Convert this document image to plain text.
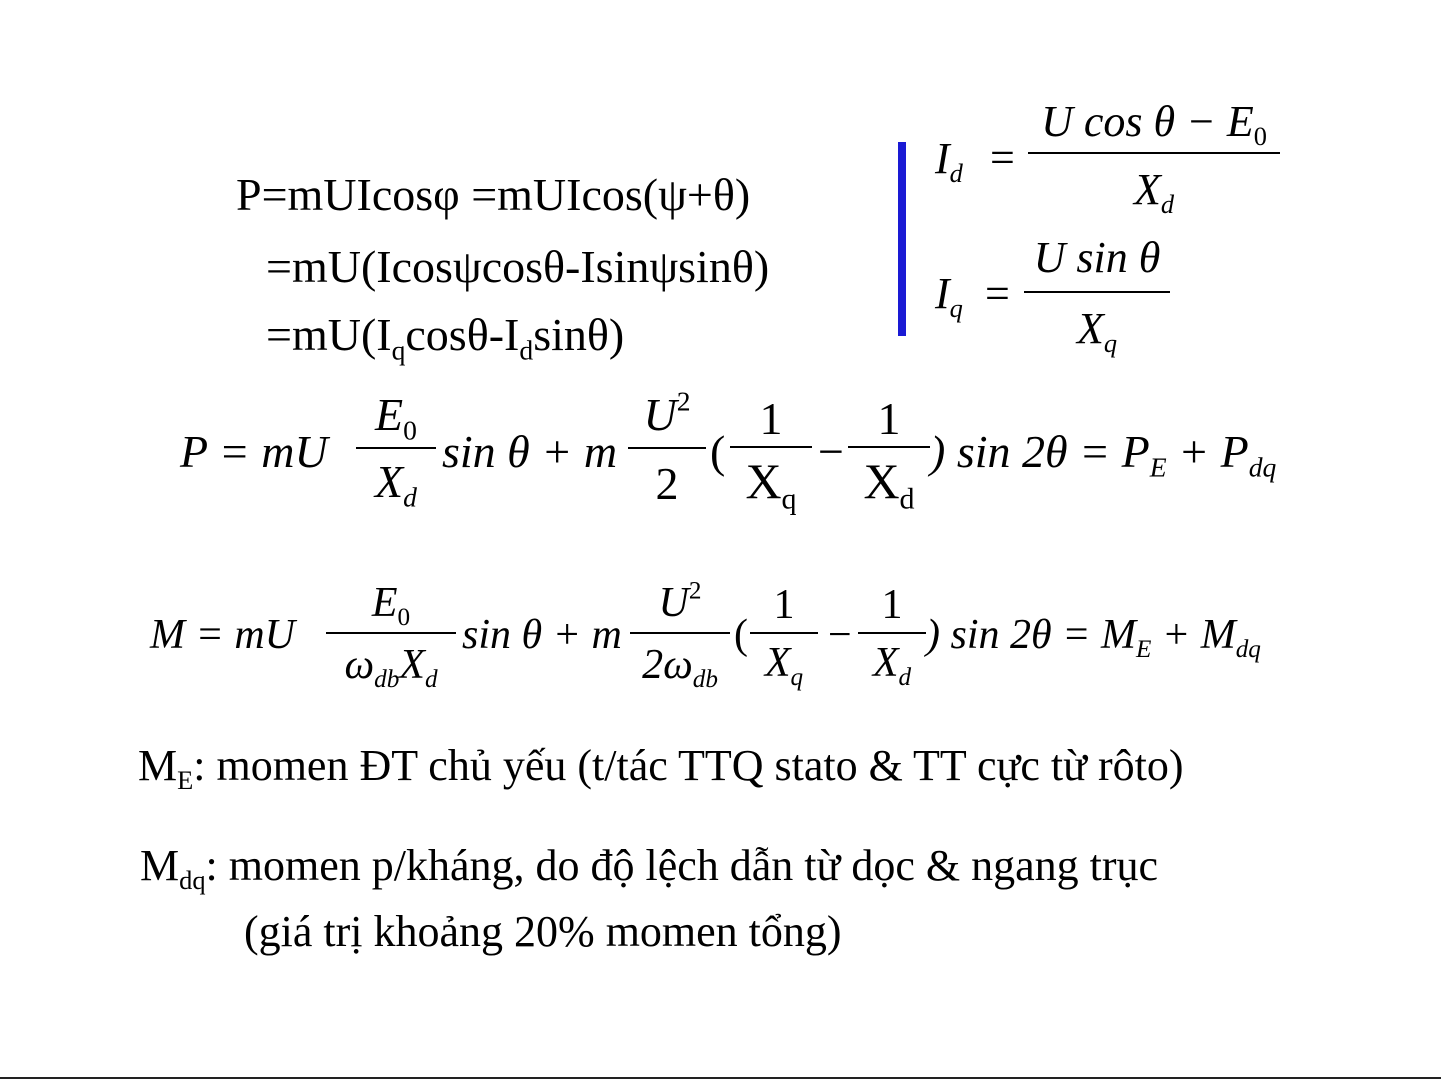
P=mUIcosφ =mUIcos(ψ+θ)
=mU(Icosψcosθ-Isinψsinθ)
$=mU(I_q\cos\theta-I_d\sin\theta)$
$I_d$ =
U $\cos \theta - E_0$
$X_d$
$I_q$ =
U sin θ
$X_q$
P = mU
$E_0$
$X_d$
sin θ + m
$U^2$
2
(
1
$X_q$
−
1
$X_d$
) $\sin 2\theta = P_E + P_{dq}$
M = mU
$E_0$
$\omega_{db}X_d$
sin θ + m
$U^2$
$2\omega_{db}$
(
1
$X_q$
−
1
$X_d$
) $\sin 2\theta = M_E + M_{dq}$
$M_E$: momen ĐT chủ yếu (t/tác TTQ stato & TT cực từ rôto)
$M_{dq}$: momen p/kháng, do độ lệch dẫn từ dọc & ngang trục
(giá trị khoảng 20% momen tổng)
